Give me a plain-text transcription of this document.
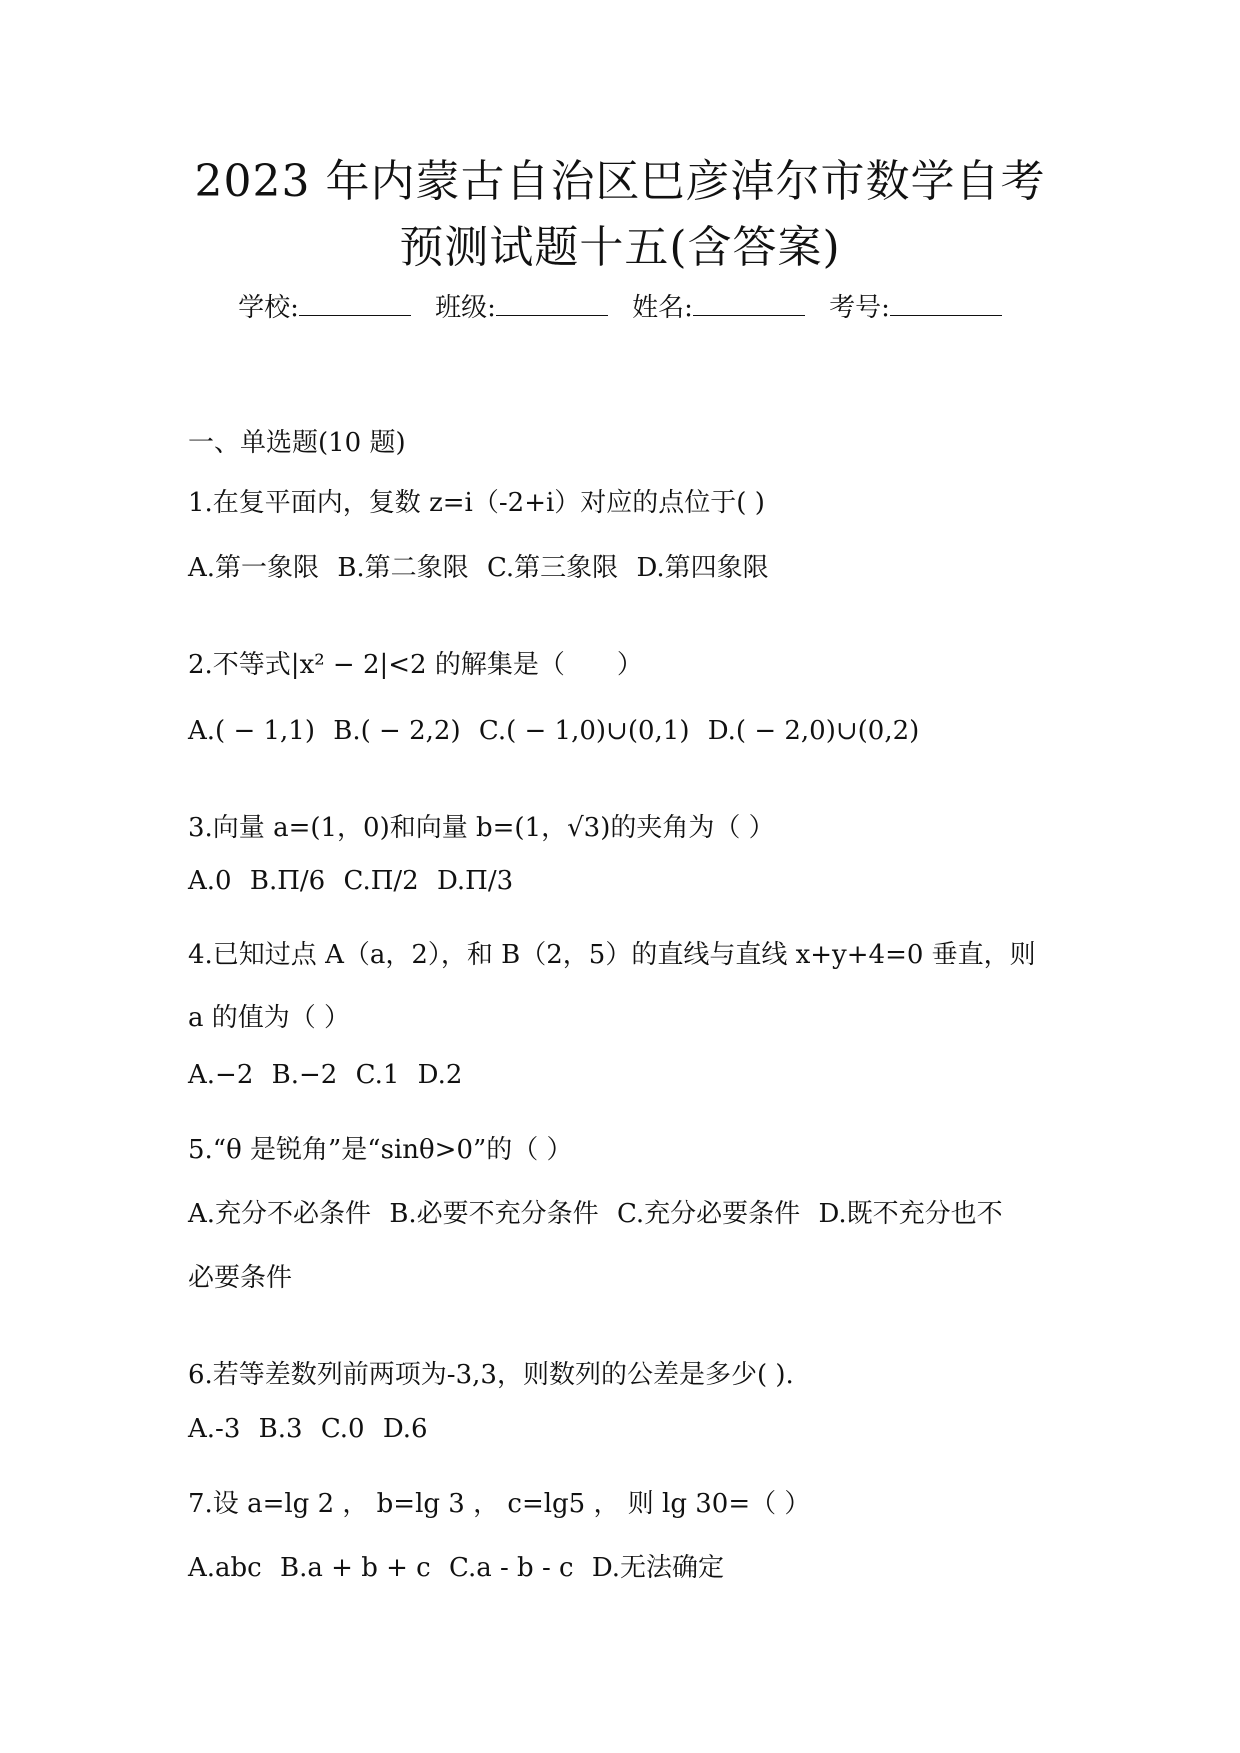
2023 年内蒙古自治区巴彦淖尔市数学自考
预测试题十五(含答案)
学校:	班级:	姓名:	考号:
一、单选题(10 题)
1.在复平面内，复数 z=i（-2+i）对应的点位于( )
A.第一象限 B.第二象限 C.第三象限 D.第四象限
2.不等式|x² − 2|<2 的解集是（　　）
A.( − 1,1) B.( − 2,2) C.( − 1,0)∪(0,1) D.( − 2,0)∪(0,2)
3.向量 a=(1，0)和向量 b=(1，√3)的夹角为（ ）
A.0 B.Π/6 C.Π/2 D.Π/3
4.已知过点 A（a，2），和 B（2，5）的直线与直线 x+y+4=0 垂直，则
a 的值为（ ）
A.−2 B.−2 C.1 D.2
5.“θ 是锐角”是“sinθ>0”的（ ）
A.充分不必条件 B.必要不充分条件 C.充分必要条件 D.既不充分也不
必要条件
6.若等差数列前两项为-3,3，则数列的公差是多少( ).
A.-3 B.3 C.0 D.6
7.设 a=lg 2 ， b=lg 3 ， c=lg5 ， 则 lg 30=（ ）
A.abc B.a + b + c C.a - b - c D.无法确定
